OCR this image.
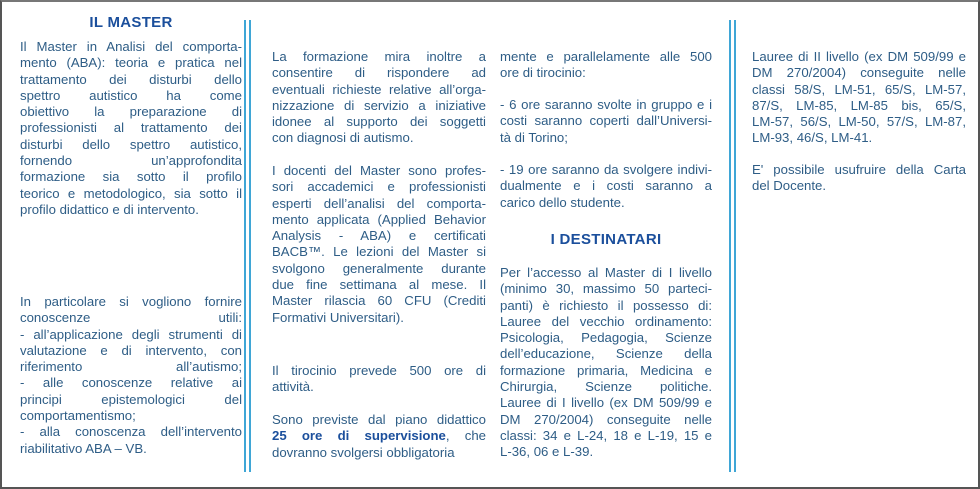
IL MASTER
Il Master in Analisi del comporta-
mento (ABA): teoria e pratica nel
trattamento dei disturbi dello
spettro autistico ha come
obiettivo la preparazione di
professionisti al trattamento dei
disturbi dello spettro autistico,
fornendo un’approfondita
formazione sia sotto il profilo
teorico e metodologico, sia sotto il
profilo didattico e di intervento.
In particolare si vogliono fornire
conoscenze utili:
- all’applicazione degli strumenti di
valutazione e di intervento, con
riferimento all’autismo;
- alle conoscenze relative ai
principi epistemologici del
comportamentismo;
- alla conoscenza dell’intervento
riabilitativo ABA – VB.
La formazione mira inoltre a
consentire di rispondere ad
eventuali richieste relative all’orga-
nizzazione di servizio a iniziative
idonee al supporto dei soggetti
con diagnosi di autismo.
I docenti del Master sono profes-
sori accademici e professionisti
esperti dell’analisi del comporta-
mento applicata (Applied Behavior
Analysis - ABA) e certificati
BACB™. Le lezioni del Master si
svolgono generalmente durante
due fine settimana al mese. Il
Master rilascia 60 CFU (Crediti
Formativi Universitari).
Il tirocinio prevede 500 ore di
attività.
Sono previste dal piano didattico
25 ore di supervisione, che
dovranno svolgersi obbligatoria
mente e parallelamente alle 500
ore di tirocinio:
- 6 ore saranno svolte in gruppo e i
costi saranno coperti dall’Universi-
tà di Torino;
- 19 ore saranno da svolgere indivi-
dualmente e i costi saranno a
carico dello studente.
I DESTINATARI
Per l’accesso al Master di I livello
(minimo 30, massimo 50 parteci-
panti) è richiesto il possesso di:
Lauree del vecchio ordinamento:
Psicologia, Pedagogia, Scienze
dell’educazione, Scienze della
formazione primaria, Medicina e
Chirurgia, Scienze politiche.
Lauree di I livello (ex DM 509/99 e
DM 270/2004) conseguite nelle
classi: 34 e L-24, 18 e L-19, 15 e
L-36, 06 e L-39.
Lauree di II livello (ex DM 509/99 e
DM 270/2004) conseguite nelle
classi 58/S, LM-51, 65/S, LM-57,
87/S, LM-85, LM-85 bis, 65/S,
LM-57, 56/S, LM-50, 57/S, LM-87,
LM-93, 46/S, LM-41.
E' possibile usufruire della Carta
del Docente.
